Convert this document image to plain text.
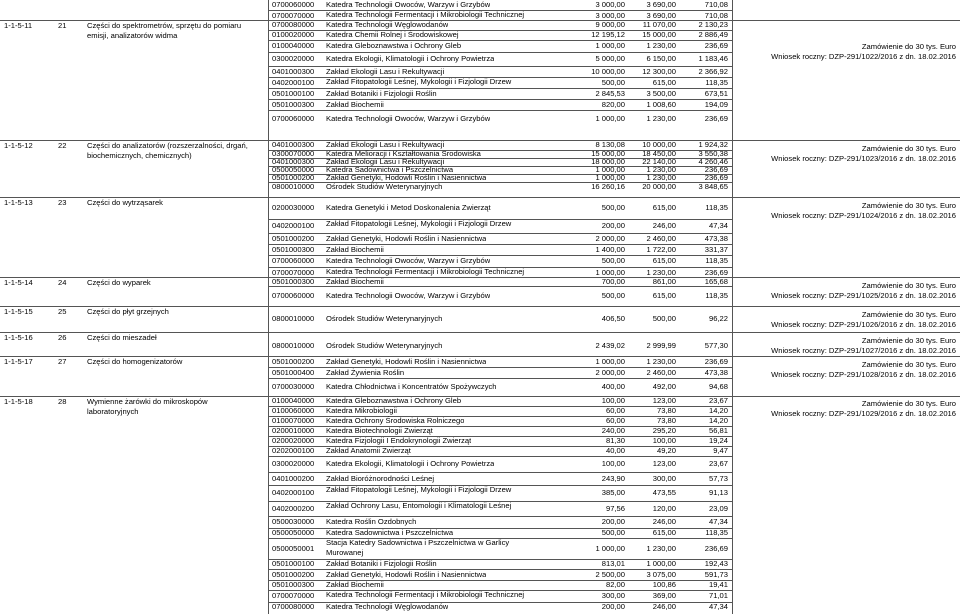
0700060000 Katedra Technologii Owoców, Warzyw i Grzybów	3 000,00	3 690,00	710,08
0700070000 Katedra Technologii Fermentacji i Mikrobiologii Technicznej	3 000,00	3 690,00	710,08
1-1-5-11	21	Części do spektrometrów, sprzętu do pomiaru emisji, analizatorów widma
Zamówienie do 30 tys. Euro
Wniosek roczny: DZP-291/1022/2016 z dn. 18.02.2016
0700080000 Katedra Technologii Węglowodanów	9 000,00	11 070,00	2 130,23
0100020000 Katedra Chemii Rolnej i Środowiskowej	12 195,12	15 000,00	2 886,49
0100040000 Katedra Gleboznawstwa i Ochrony Gleb	1 000,00	1 230,00	236,69
0300020000 Katedra Ekologii, Klimatologii i Ochrony Powietrza	5 000,00	6 150,00	1 183,46
0401000300 Zakład Ekologii Lasu i Rekultywacji	10 000,00	12 300,00	2 366,92
0402000100 Zakład Fitopatologii Leśnej, Mykologii i Fizjologii Drzew	500,00	615,00	118,35
0501000100 Zakład Botaniki i Fizjologii Roślin	2 845,53	3 500,00	673,51
0501000300 Zakład Biochemii	820,00	1 008,60	194,09
0700060000 Katedra Technologii Owoców, Warzyw i Grzybów	1 000,00	1 230,00	236,69
1-1-5-12	22	Części do analizatorów (rozszerzalności, drgań, biochemicznych, chemicznych)
Zamówienie do 30 tys. Euro
Wniosek roczny: DZP-291/1023/2016 z dn. 18.02.2016
0401000300 Zakład Ekologii Lasu i Rekultywacji	8 130,08	10 000,00	1 924,32
0300070000 Katedra Melioracji i Kształtowania Środowiska	15 000,00	18 450,00	3 550,38
0401000300 Zakład Ekologii Lasu i Rekultywacji	18 000,00	22 140,00	4 260,46
0500050000 Katedra Sadownictwa i Pszczelnictwa	1 000,00	1 230,00	236,69
0501000200 Zakład Genetyki, Hodowli Roślin i Nasiennictwa	1 000,00	1 230,00	236,69
0800010000 Ośrodek Studiów Weterynaryjnych	16 260,16	20 000,00	3 848,65
1-1-5-13	23	Części do wytrząsarek	Zamówienie do 30 tys. Euro
Wniosek roczny: DZP-291/1024/2016 z dn. 18.02.2016
0200030000 Katedra Genetyki i Metod Doskonalenia Zwierząt	500,00	615,00	118,35
0402000100 Zakład Fitopatologii Leśnej, Mykologii i Fizjologii Drzew	200,00	246,00	47,34
0501000200 Zakład Genetyki, Hodowli Roślin i Nasiennictwa	2 000,00	2 460,00	473,38
0501000300 Zakład Biochemii	1 400,00	1 722,00	331,37
0700060000 Katedra Technologii Owoców, Warzyw i Grzybów	500,00	615,00	118,35
0700070000 Katedra Technologii Fermentacji i Mikrobiologii Technicznej	1 000,00	1 230,00	236,69
1-1-5-14	24	Części do wyparek	Zamówienie do 30 tys. Euro
Wniosek roczny: DZP-291/1025/2016 z dn. 18.02.2016
0501000300 Zakład Biochemii	700,00	861,00	165,68
0700060000 Katedra Technologii Owoców, Warzyw i Grzybów	500,00	615,00	118,35
1-1-5-15	25	Części do płyt grzejnych	Zamówienie do 30 tys. Euro
Wniosek roczny: DZP-291/1026/2016 z dn. 18.02.2016
0800010000 Ośrodek Studiów Weterynaryjnych	406,50	500,00	96,22
1-1-5-16	26	Części do mieszadeł	Zamówienie do 30 tys. Euro
Wniosek roczny: DZP-291/1027/2016 z dn. 18.02.2016
0800010000 Ośrodek Studiów Weterynaryjnych	2 439,02	2 999,99	577,30
1-1-5-17	27	Części do homogenizatorów	Zamówienie do 30 tys. Euro
Wniosek roczny: DZP-291/1028/2016 z dn. 18.02.2016
0501000200 Zakład Genetyki, Hodowli Roślin i Nasiennictwa	1 000,00	1 230,00	236,69
0501000400 Zakład Żywienia Roślin	2 000,00	2 460,00	473,38
0700030000 Katedra Chłodnictwa i Koncentratów Spożywczych	400,00	492,00	94,68
1-1-5-18	28	Wymienne żarówki do mikroskopów laboratoryjnych
Zamówienie do 30 tys. Euro
Wniosek roczny: DZP-291/1029/2016 z dn. 18.02.2016
0100040000 Katedra Gleboznawstwa i Ochrony Gleb	100,00	123,00	23,67
0100060000 Katedra Mikrobiologii	60,00	73,80	14,20
0100070000 Katedra Ochrony Środowiska Rolniczego	60,00	73,80	14,20
0200010000 Katedra Biotechnologii Zwierząt	240,00	295,20	56,81
0200020000 Katedra Fizjologii I Endokrynologii Zwierząt	81,30	100,00	19,24
0202000100 Zakład Anatomii Zwierząt	40,00	49,20	9,47
0300020000 Katedra Ekologii, Klimatologii i Ochrony Powietrza	100,00	123,00	23,67
0401000200 Zakład Bioróżnorodności Leśnej	243,90	300,00	57,73
0402000100 Zakład Fitopatologii Leśnej, Mykologii i Fizjologii Drzew	385,00	473,55	91,13
0402000200 Zakład Ochrony Lasu, Entomologii i Klimatologii Leśnej	97,56	120,00	23,09
0500030000 Katedra Roślin Ozdobnych	200,00	246,00	47,34
0500050000 Katedra Sadownictwa i Pszczelnictwa	500,00	615,00	118,35
0500050001
Stacja Katedry Sadownictwa i Pszczelnictwa w Garlicy Murowanej	1 000,00	1 230,00	236,69
0501000100 Zakład Botaniki i Fizjologii Roślin	813,01	1 000,00	192,43
0501000200 Zakład Genetyki, Hodowli Roślin i Nasiennictwa	2 500,00	3 075,00	591,73
0501000300 Zakład Biochemii	82,00	100,86	19,41
0700070000 Katedra Technologii Fermentacji i Mikrobiologii Technicznej	300,00	369,00	71,01
0700080000 Katedra Technologii Węglowodanów	200,00	246,00	47,34
